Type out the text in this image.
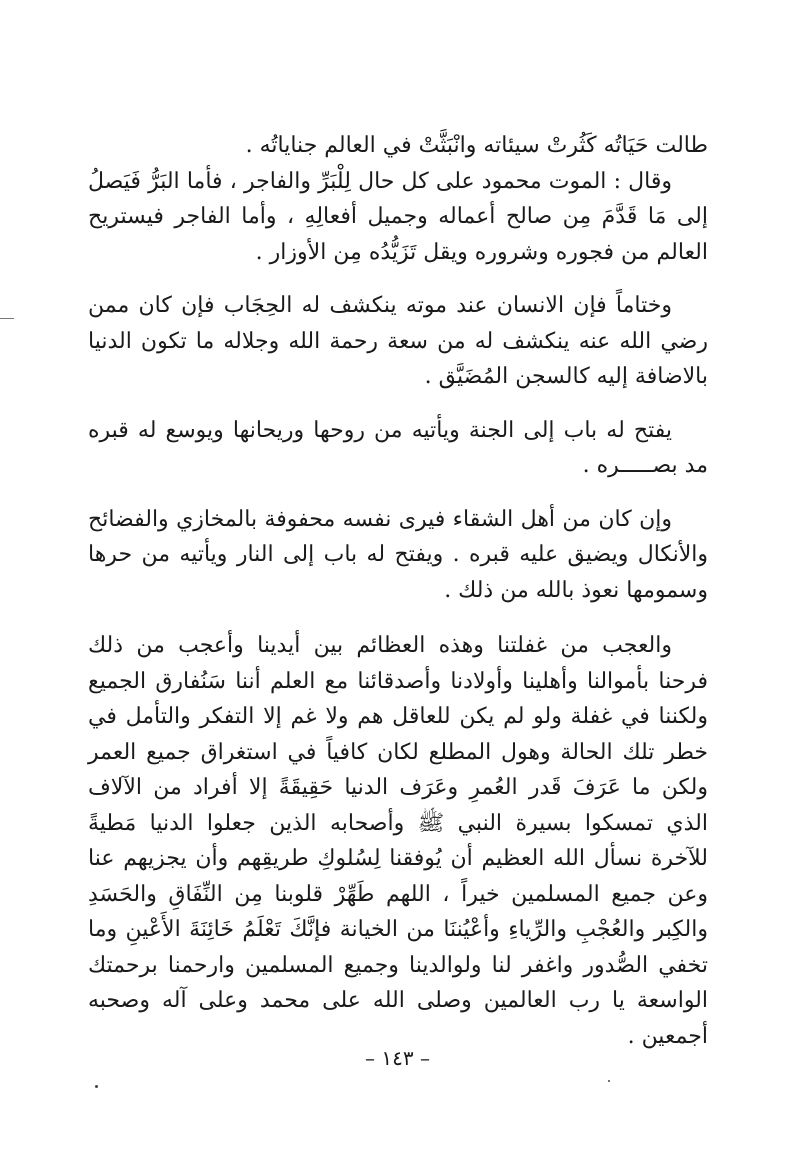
طالت حَيَاتُه كَثُرتْ سيئاته وانْبَثَّتْ في العالم جناياتُه .

وقال : الموت محمود على كل حال لِلْبَرِّ والفاجر ، فأما البَرُّ فَيَصلُ إلى مَا قَدَّمَ مِن صالح أعماله وجميل أفعالِهِ ، وأما الفاجر فيستريح العالم من فجوره وشروره ويقل تَزَيُّدُه مِن الأوزار .

وختاماً فإن الانسان عند موته ينكشف له الحِجَاب فإن كان ممن رضي الله عنه ينكشف له من سعة رحمة الله وجلاله ما تكون الدنيا بالاضافة إليه كالسجن المُضَيَّق .

يفتح له باب إلى الجنة ويأتيه من روحها وريحانها ويوسع له قبره مد بصـــــره .

وإن كان من أهل الشقاء فيرى نفسه محفوفة بالمخازي والفضائح والأنكال ويضيق عليه قبره . ويفتح له باب إلى النار ويأتيه من حرها وسمومها نعوذ بالله من ذلك .

والعجب من غفلتنا وهذه العظائم بين أيدينا وأعجب من ذلك فرحنا بأموالنا وأهلينا وأولادنا وأصدقائنا مع العلم أننا سَنُفارق الجميع ولكننا في غفلة ولو لم يكن للعاقل هم ولا غم إلا التفكر والتأمل في خطر تلك الحالة وهول المطلع لكان كافياً في استغراق جميع العمر ولكن ما عَرَفَ قَدر العُمرِ وعَرَف الدنيا حَقِيقَةً إلا أفراد من الآلاف الذي تمسكوا بسيرة النبي ﷺ وأصحابه الذين جعلوا الدنيا مَطيةً للآخرة نسأل الله العظيم أن يُوفقنا لِسُلوكِ طريقِهم وأن يجزيهم عنا وعن جميع المسلمين خيراً ، اللهم طَهِّرْ قلوبنا مِن النِّفَاقِ والحَسَدِ والكِبر والعُجْبِ والرِّياءِ وأعْيُننَا من الخيانة فإنَّكَ تَعْلَمُ خَائِنَةَ الأَعْينِ وما تخفي الصُّدور واغفر لنا ولوالدينا وجميع المسلمين وارحمنا برحمتك الواسعة يا رب العالمين وصلى الله على محمد وعلى آله وصحبه أجمعين .

– ١٤٣ –
